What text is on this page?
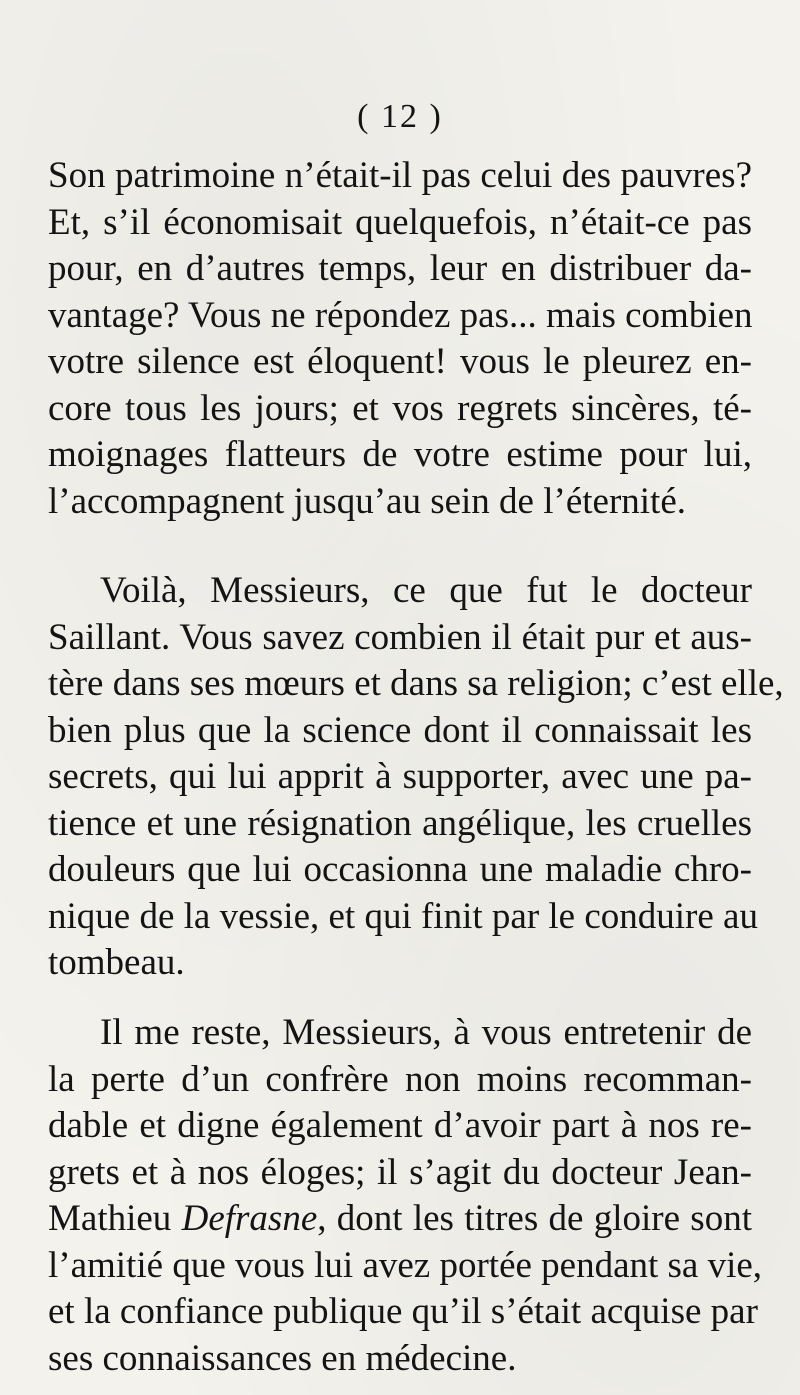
( 12 )
Son patrimoine n’était-il pas celui des pauvres?
Et, s’il économisait quelquefois, n’était-ce pas
pour, en d’autres temps, leur en distribuer da-
vantage? Vous ne répondez pas... mais combien
votre silence est éloquent! vous le pleurez en-
core tous les jours; et vos regrets sincères, té-
moignages flatteurs de votre estime pour lui,
l’accompagnent jusqu’au sein de l’éternité.
Voilà, Messieurs, ce que fut le docteur
Saillant. Vous savez combien il était pur et aus-
tère dans ses mœurs et dans sa religion; c’est elle,
bien plus que la science dont il connaissait les
secrets, qui lui apprit à supporter, avec une pa-
tience et une résignation angélique, les cruelles
douleurs que lui occasionna une maladie chro-
nique de la vessie, et qui finit par le conduire au
tombeau.
Il me reste, Messieurs, à vous entretenir de
la perte d’un confrère non moins recomman-
dable et digne également d’avoir part à nos re-
grets et à nos éloges; il s’agit du docteur Jean-
Mathieu Defrasne, dont les titres de gloire sont
l’amitié que vous lui avez portée pendant sa vie,
et la confiance publique qu’il s’était acquise par
ses connaissances en médecine.
